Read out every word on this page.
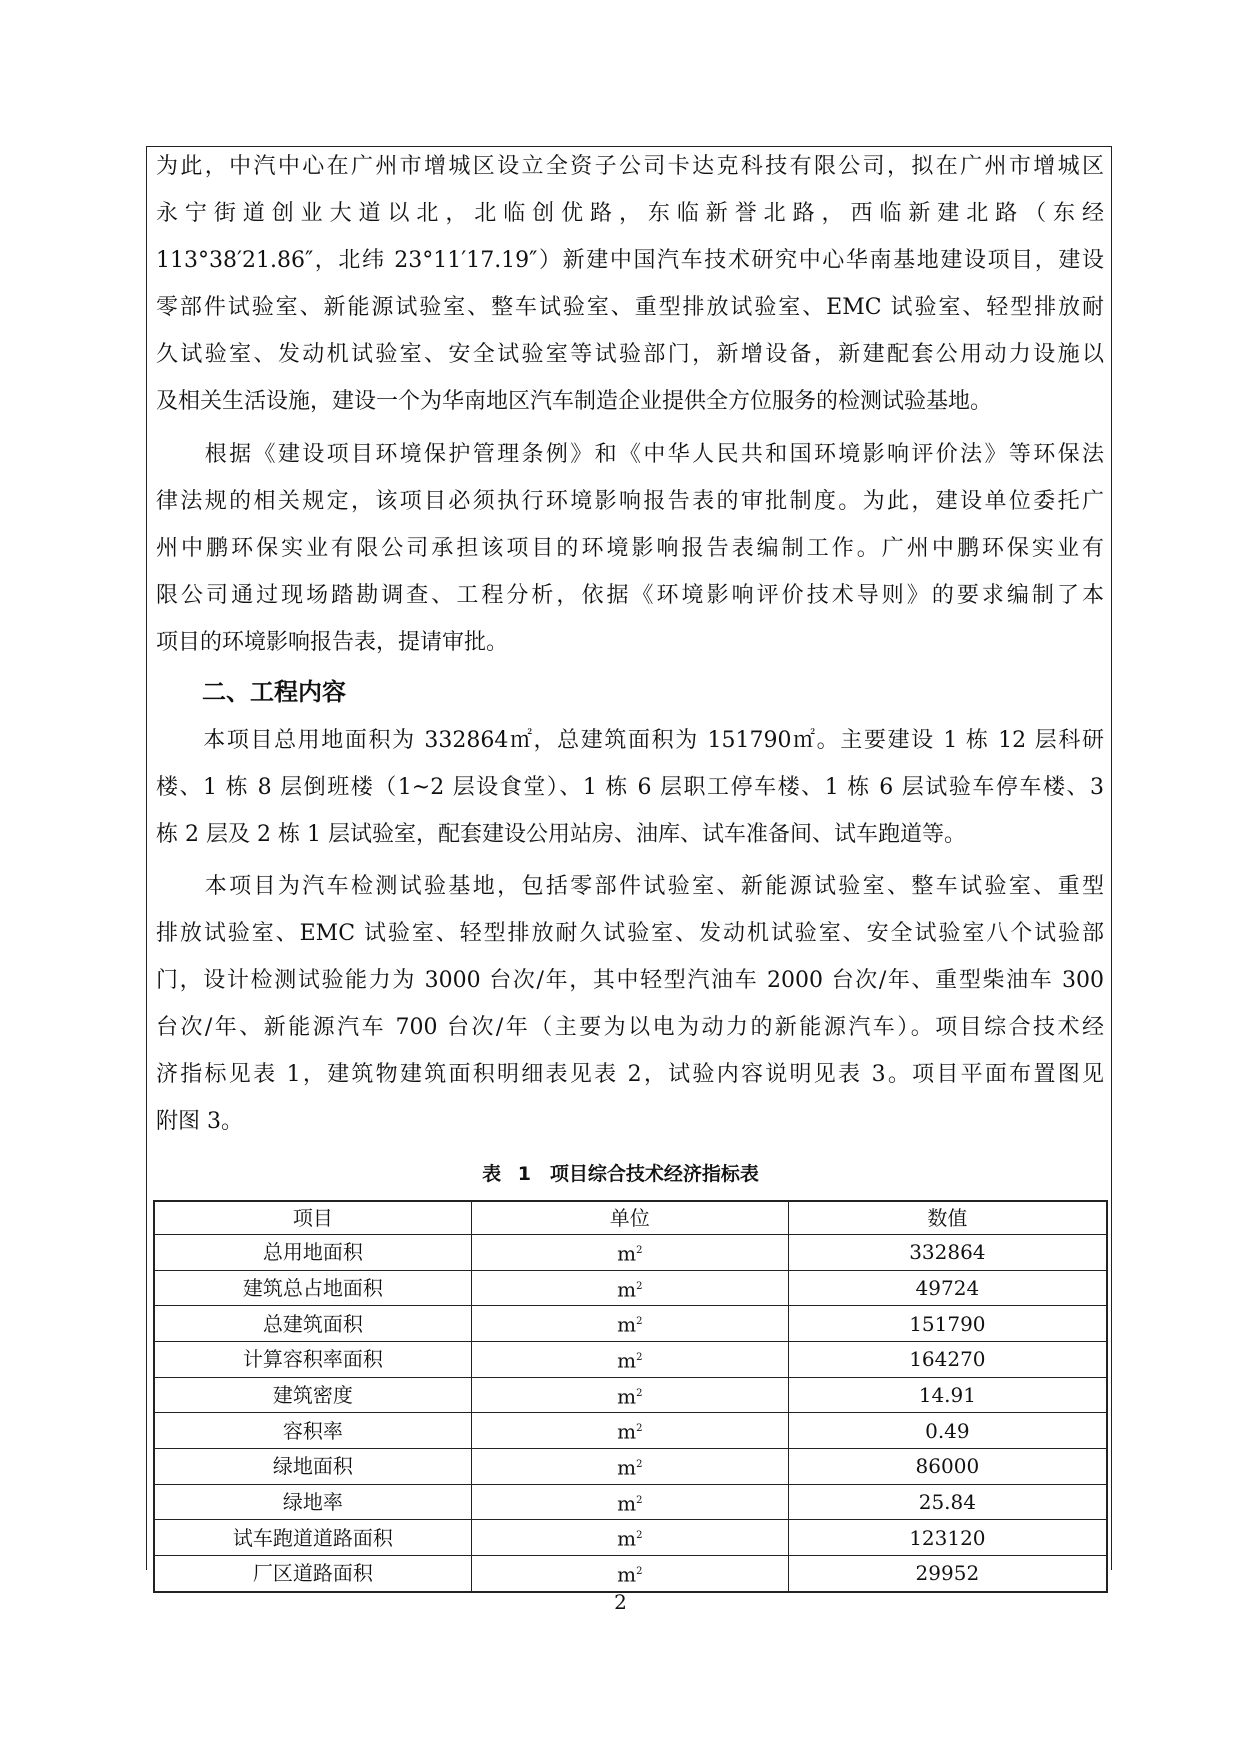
为此，中汽中心在广州市增城区设立全资子公司卡达克科技有限公司，拟在广州市增城区

永宁街道创业大道以北，北临创优路，东临新誉北路，西临新建北路（东经

113°38′21.86″，北纬 23°11′17.19″）新建中国汽车技术研究中心华南基地建设项目，建设

零部件试验室、新能源试验室、整车试验室、重型排放试验室、EMC 试验室、轻型排放耐

久试验室、发动机试验室、安全试验室等试验部门，新增设备，新建配套公用动力设施以

及相关生活设施，建设一个为华南地区汽车制造企业提供全方位服务的检测试验基地。

　　根据《建设项目环境保护管理条例》和《中华人民共和国环境影响评价法》等环保法

律法规的相关规定，该项目必须执行环境影响报告表的审批制度。为此，建设单位委托广

州中鹏环保实业有限公司承担该项目的环境影响报告表编制工作。广州中鹏环保实业有

限公司通过现场踏勘调查、工程分析，依据《环境影响评价技术导则》的要求编制了本

项目的环境影响报告表，提请审批。

二、工程内容

　　本项目总用地面积为 332864㎡，总建筑面积为 151790㎡。主要建设 1 栋 12 层科研

楼、1 栋 8 层倒班楼（1~2 层设食堂）、1 栋 6 层职工停车楼、1 栋 6 层试验车停车楼、3

栋 2 层及 2 栋 1 层试验室，配套建设公用站房、油库、试车准备间、试车跑道等。

　　本项目为汽车检测试验基地，包括零部件试验室、新能源试验室、整车试验室、重型

排放试验室、EMC 试验室、轻型排放耐久试验室、发动机试验室、安全试验室八个试验部

门，设计检测试验能力为 3000 台次/年，其中轻型汽油车 2000 台次/年、重型柴油车 300

台次/年、新能源汽车 700 台次/年（主要为以电为动力的新能源汽车）。项目综合技术经

济指标见表 1，建筑物建筑面积明细表见表 2，试验内容说明见表 3。项目平面布置图见

附图 3。

表 1　项目综合技术经济指标表
项目	单位	数值
总用地面积	$m^2$	332864
建筑总占地面积	$m^2$	49724
总建筑面积	$m^2$	151790
计算容积率面积	$m^2$	164270
建筑密度	$m^2$	14.91
容积率	$m^2$	0.49
绿地面积	$m^2$	86000
绿地率	$m^2$	25.84
试车跑道道路面积	$m^2$	123120
厂区道路面积	$m^2$	29952
2
